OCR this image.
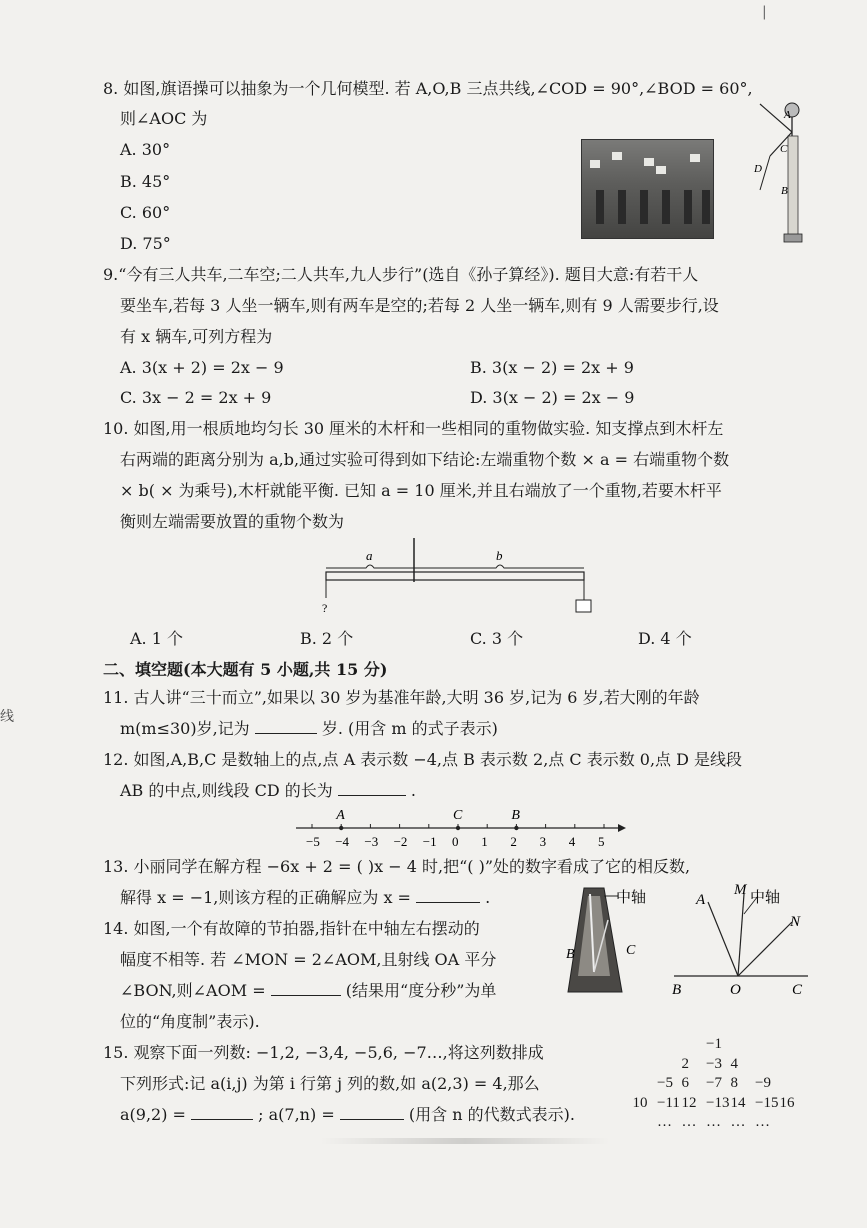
|
8. 如图,旗语操可以抽象为一个几何模型. 若 A,O,B 三点共线,∠COD = 90°,∠BOD = 60°,
则∠AOC 为
A. 30°
B. 45°
C. 60°
D. 75°
A
C
D
B
9.“今有三人共车,二车空;二人共车,九人步行”(选自《孙子算经》). 题目大意:有若干人
要坐车,若每 3 人坐一辆车,则有两车是空的;若每 2 人坐一辆车,则有 9 人需要步行,设
有 x 辆车,可列方程为
A. 3(x + 2) = 2x − 9	B. 3(x − 2) = 2x + 9
C. 3x − 2 = 2x + 9	D. 3(x − 2) = 2x − 9
10. 如图,用一根质地均匀长 30 厘米的木杆和一些相同的重物做实验. 知支撑点到木杆左
右两端的距离分别为 a,b,通过实验可得到如下结论:左端重物个数 × a = 右端重物个数
× b( × 为乘号),木杆就能平衡. 已知 a = 10 厘米,并且右端放了一个重物,若要木杆平
衡则左端需要放置的重物个数为
a	b
?
A. 1 个	B. 2 个	C. 3 个	D. 4 个
二、填空题(本大题有 5 小题,共 15 分)
11. 古人讲“三十而立”,如果以 30 岁为基准年龄,大明 36 岁,记为 6 岁,若大刚的年龄
m(m≤30)岁,记为	岁. (用含 m 的式子表示)
12. 如图,A,B,C 是数轴上的点,点 A 表示数 −4,点 B 表示数 2,点 C 表示数 0,点 D 是线段
AB 的中点,则线段 CD 的长为	.
−5 −4 −3 −2 −1 0 1 2 3 4 5
A	C	B
13. 小丽同学在解方程 −6x + 2 = ( )x − 4 时,把“( )”处的数字看成了它的相反数,
解得 x = −1,则该方程的正确解应为 x =	.
14. 如图,一个有故障的节拍器,指针在中轴左右摆动的
幅度不相等. 若 ∠MON = 2∠AOM,且射线 OA 平分
∠BON,则∠AOM =	(结果用“度分秒”为单
位的“角度制”表示).
中轴
B	C
A
M 中轴
N
B	O	C
15. 观察下面一列数: −1,2, −3,4, −5,6, −7…,将这列数排成
下列形式:记 a(i,j) 为第 i 行第 j 列的数,如 a(2,3) = 4,那么
a(9,2) =	; a(7,n) =	(用含 n 的代数式表示).
−1
2 −3 4
−5 6 −7 8 −9
10 −11 12 −13 14 −15 16
… … … … …
线
